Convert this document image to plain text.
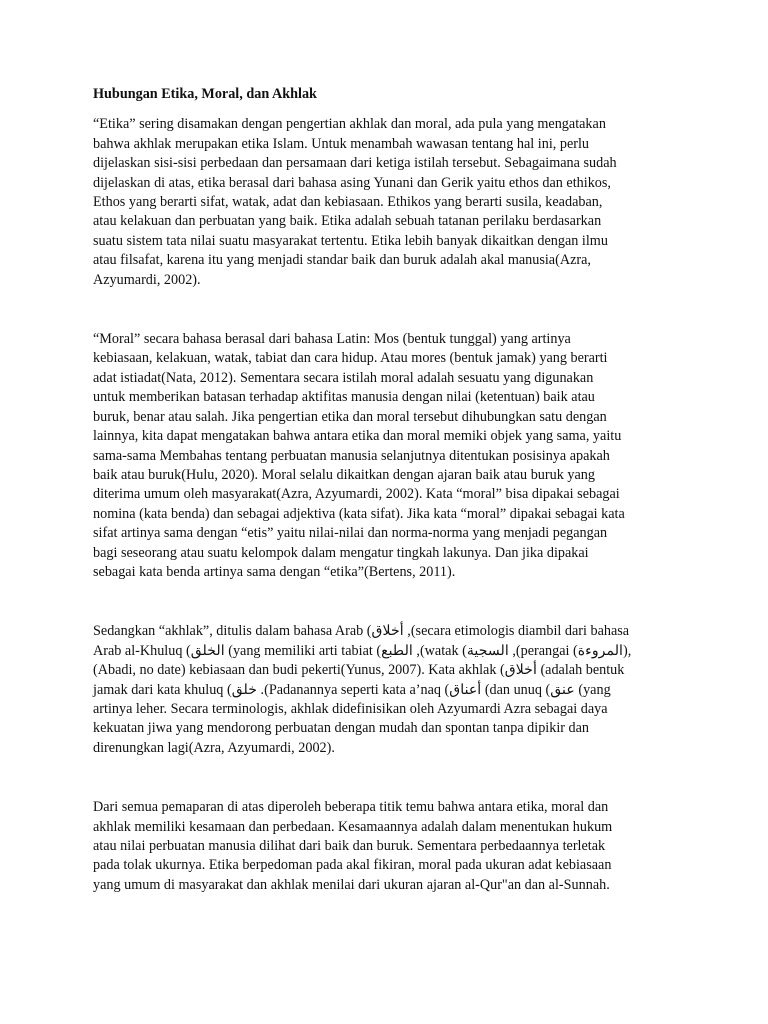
Hubungan Etika, Moral, dan Akhlak

“Etika” sering disamakan dengan pengertian akhlak dan moral, ada pula yang mengatakan
bahwa akhlak merupakan etika Islam. Untuk menambah wawasan tentang hal ini, perlu
dijelaskan sisi-sisi perbedaan dan persamaan dari ketiga istilah tersebut. Sebagaimana sudah
dijelaskan di atas, etika berasal dari bahasa asing Yunani dan Gerik yaitu ethos dan ethikos,
Ethos yang berarti sifat, watak, adat dan kebiasaan. Ethikos yang berarti susila, keadaban,
atau kelakuan dan perbuatan yang baik. Etika adalah sebuah tatanan perilaku berdasarkan
suatu sistem tata nilai suatu masyarakat tertentu. Etika lebih banyak dikaitkan dengan ilmu
atau filsafat, karena itu yang menjadi standar baik dan buruk adalah akal manusia(Azra,
Azyumardi, 2002).

“Moral” secara bahasa berasal dari bahasa Latin: Mos (bentuk tunggal) yang artinya
kebiasaan, kelakuan, watak, tabiat dan cara hidup. Atau mores (bentuk jamak) yang berarti
adat istiadat(Nata, 2012). Sementara secara istilah moral adalah sesuatu yang digunakan
untuk memberikan batasan terhadap aktifitas manusia dengan nilai (ketentuan) baik atau
buruk, benar atau salah. Jika pengertian etika dan moral tersebut dihubungkan satu dengan
lainnya, kita dapat mengatakan bahwa antara etika dan moral memiki objek yang sama, yaitu
sama-sama Membahas tentang perbuatan manusia selanjutnya ditentukan posisinya apakah
baik atau buruk(Hulu, 2020). Moral selalu dikaitkan dengan ajaran baik atau buruk yang
diterima umum oleh masyarakat(Azra, Azyumardi, 2002). Kata “moral” bisa dipakai sebagai
nomina (kata benda) dan sebagai adjektiva (kata sifat). Jika kata “moral” dipakai sebagai kata
sifat artinya sama dengan “etis” yaitu nilai-nilai dan norma-norma yang menjadi pegangan
bagi seseorang atau suatu kelompok dalam mengatur tingkah lakunya. Dan jika dipakai
sebagai kata benda artinya sama dengan “etika”(Bertens, 2011).

Sedangkan “akhlak”, ditulis dalam bahasa Arab (أخلاق ,(secara etimologis diambil dari bahasa
Arab al-Khuluq (الخلق (yang memiliki arti tabiat (الطبع ,(watak (السجية ,(perangai (المروءة),
(Abadi, no date) kebiasaan dan budi pekerti(Yunus, 2007). Kata akhlak (أخلاق (adalah bentuk
jamak dari kata khuluq (خلق .(Padanannya seperti kata a’naq (أعناق (dan unuq (عنق (yang
artinya leher. Secara terminologis, akhlak didefinisikan oleh Azyumardi Azra sebagai daya
kekuatan jiwa yang mendorong perbuatan dengan mudah dan spontan tanpa dipikir dan
direnungkan lagi(Azra, Azyumardi, 2002).

Dari semua pemaparan di atas diperoleh beberapa titik temu bahwa antara etika, moral dan
akhlak memiliki kesamaan dan perbedaan. Kesamaannya adalah dalam menentukan hukum
atau nilai perbuatan manusia dilihat dari baik dan buruk. Sementara perbedaannya terletak
pada tolak ukurnya. Etika berpedoman pada akal fikiran, moral pada ukuran adat kebiasaan
yang umum di masyarakat dan akhlak menilai dari ukuran ajaran al-Qur"an dan al-Sunnah.
